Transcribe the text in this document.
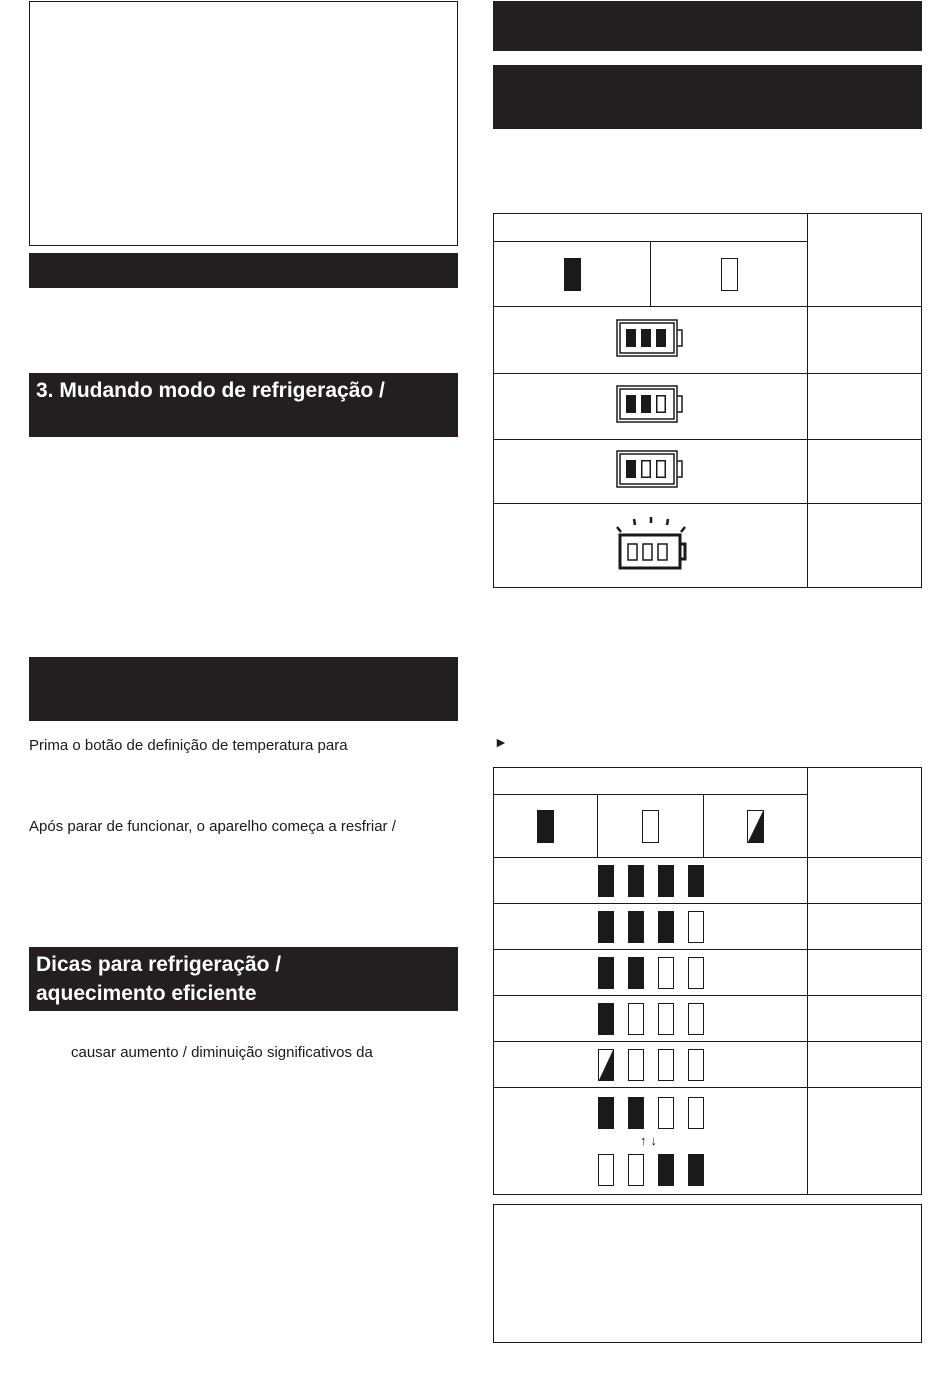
3. Mudando modo de refrigeração /
Prima o botão de definição de temperatura para
Após parar de funcionar, o aparelho começa a resfriar /
Dicas para refrigeração /
aquecimento eficiente
causar aumento / diminuição significativos da

►

↑↓			
